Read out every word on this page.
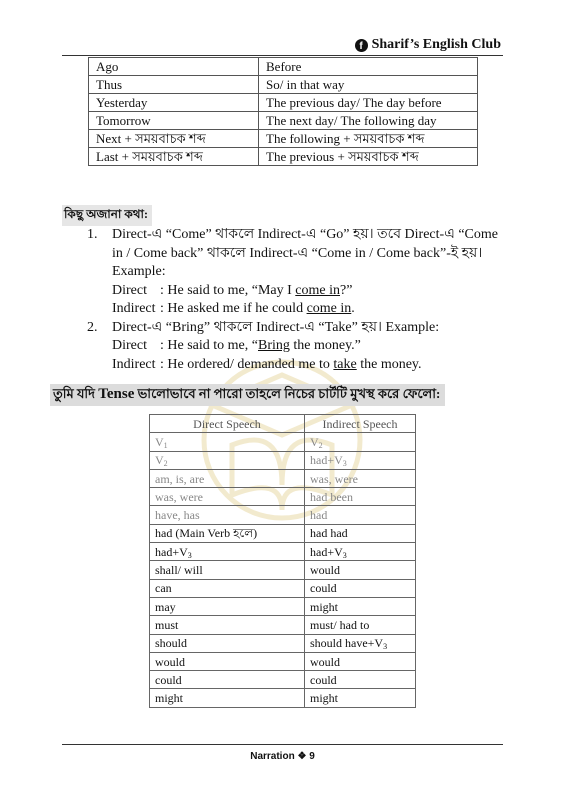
f Sharif’s English Club
Ago	Before
Thus	So/ in that way
Yesterday	The previous day/ The day before
Tomorrow	The next day/ The following day
Next + সময়বাচক শব্দ	The following + সময়বাচক শব্দ
Last + সময়বাচক শব্দ	The previous + সময়বাচক শব্দ
কিছু অজানা কথা:
1. Direct-এ “Come” থাকলে Indirect-এ “Go” হয়। তবে Direct-এ “Come in / Come back” থাকলে Indirect-এ “Come in / Come back”-ই হয়।
Example:
Direct : He said to me, “May I come in?”
Indirect : He asked me if he could come in.
2. Direct-এ “Bring” থাকলে Indirect-এ “Take” হয়। Example:
Direct : He said to me, “Bring the money.”
Indirect : He ordered/ demanded me to take the money.
তুমি যদি Tense ভালোভাবে না পারো তাহলে নিচের চার্টটি মুখস্থ করে ফেলো:
Direct Speech	Indirect Speech
$V_1$	$V_2$
$V_2$	$had+V_3$
am, is, are	was, were
was, were	had been
have, has	had
had (Main Verb হলে)	had had
$had+V_3$	$had+V_3$
shall/ will	would
can	could
may	might
must	must/ had to
should	should $have+V_3$
would	would
could	could
might	might
Narration ❖ 9
